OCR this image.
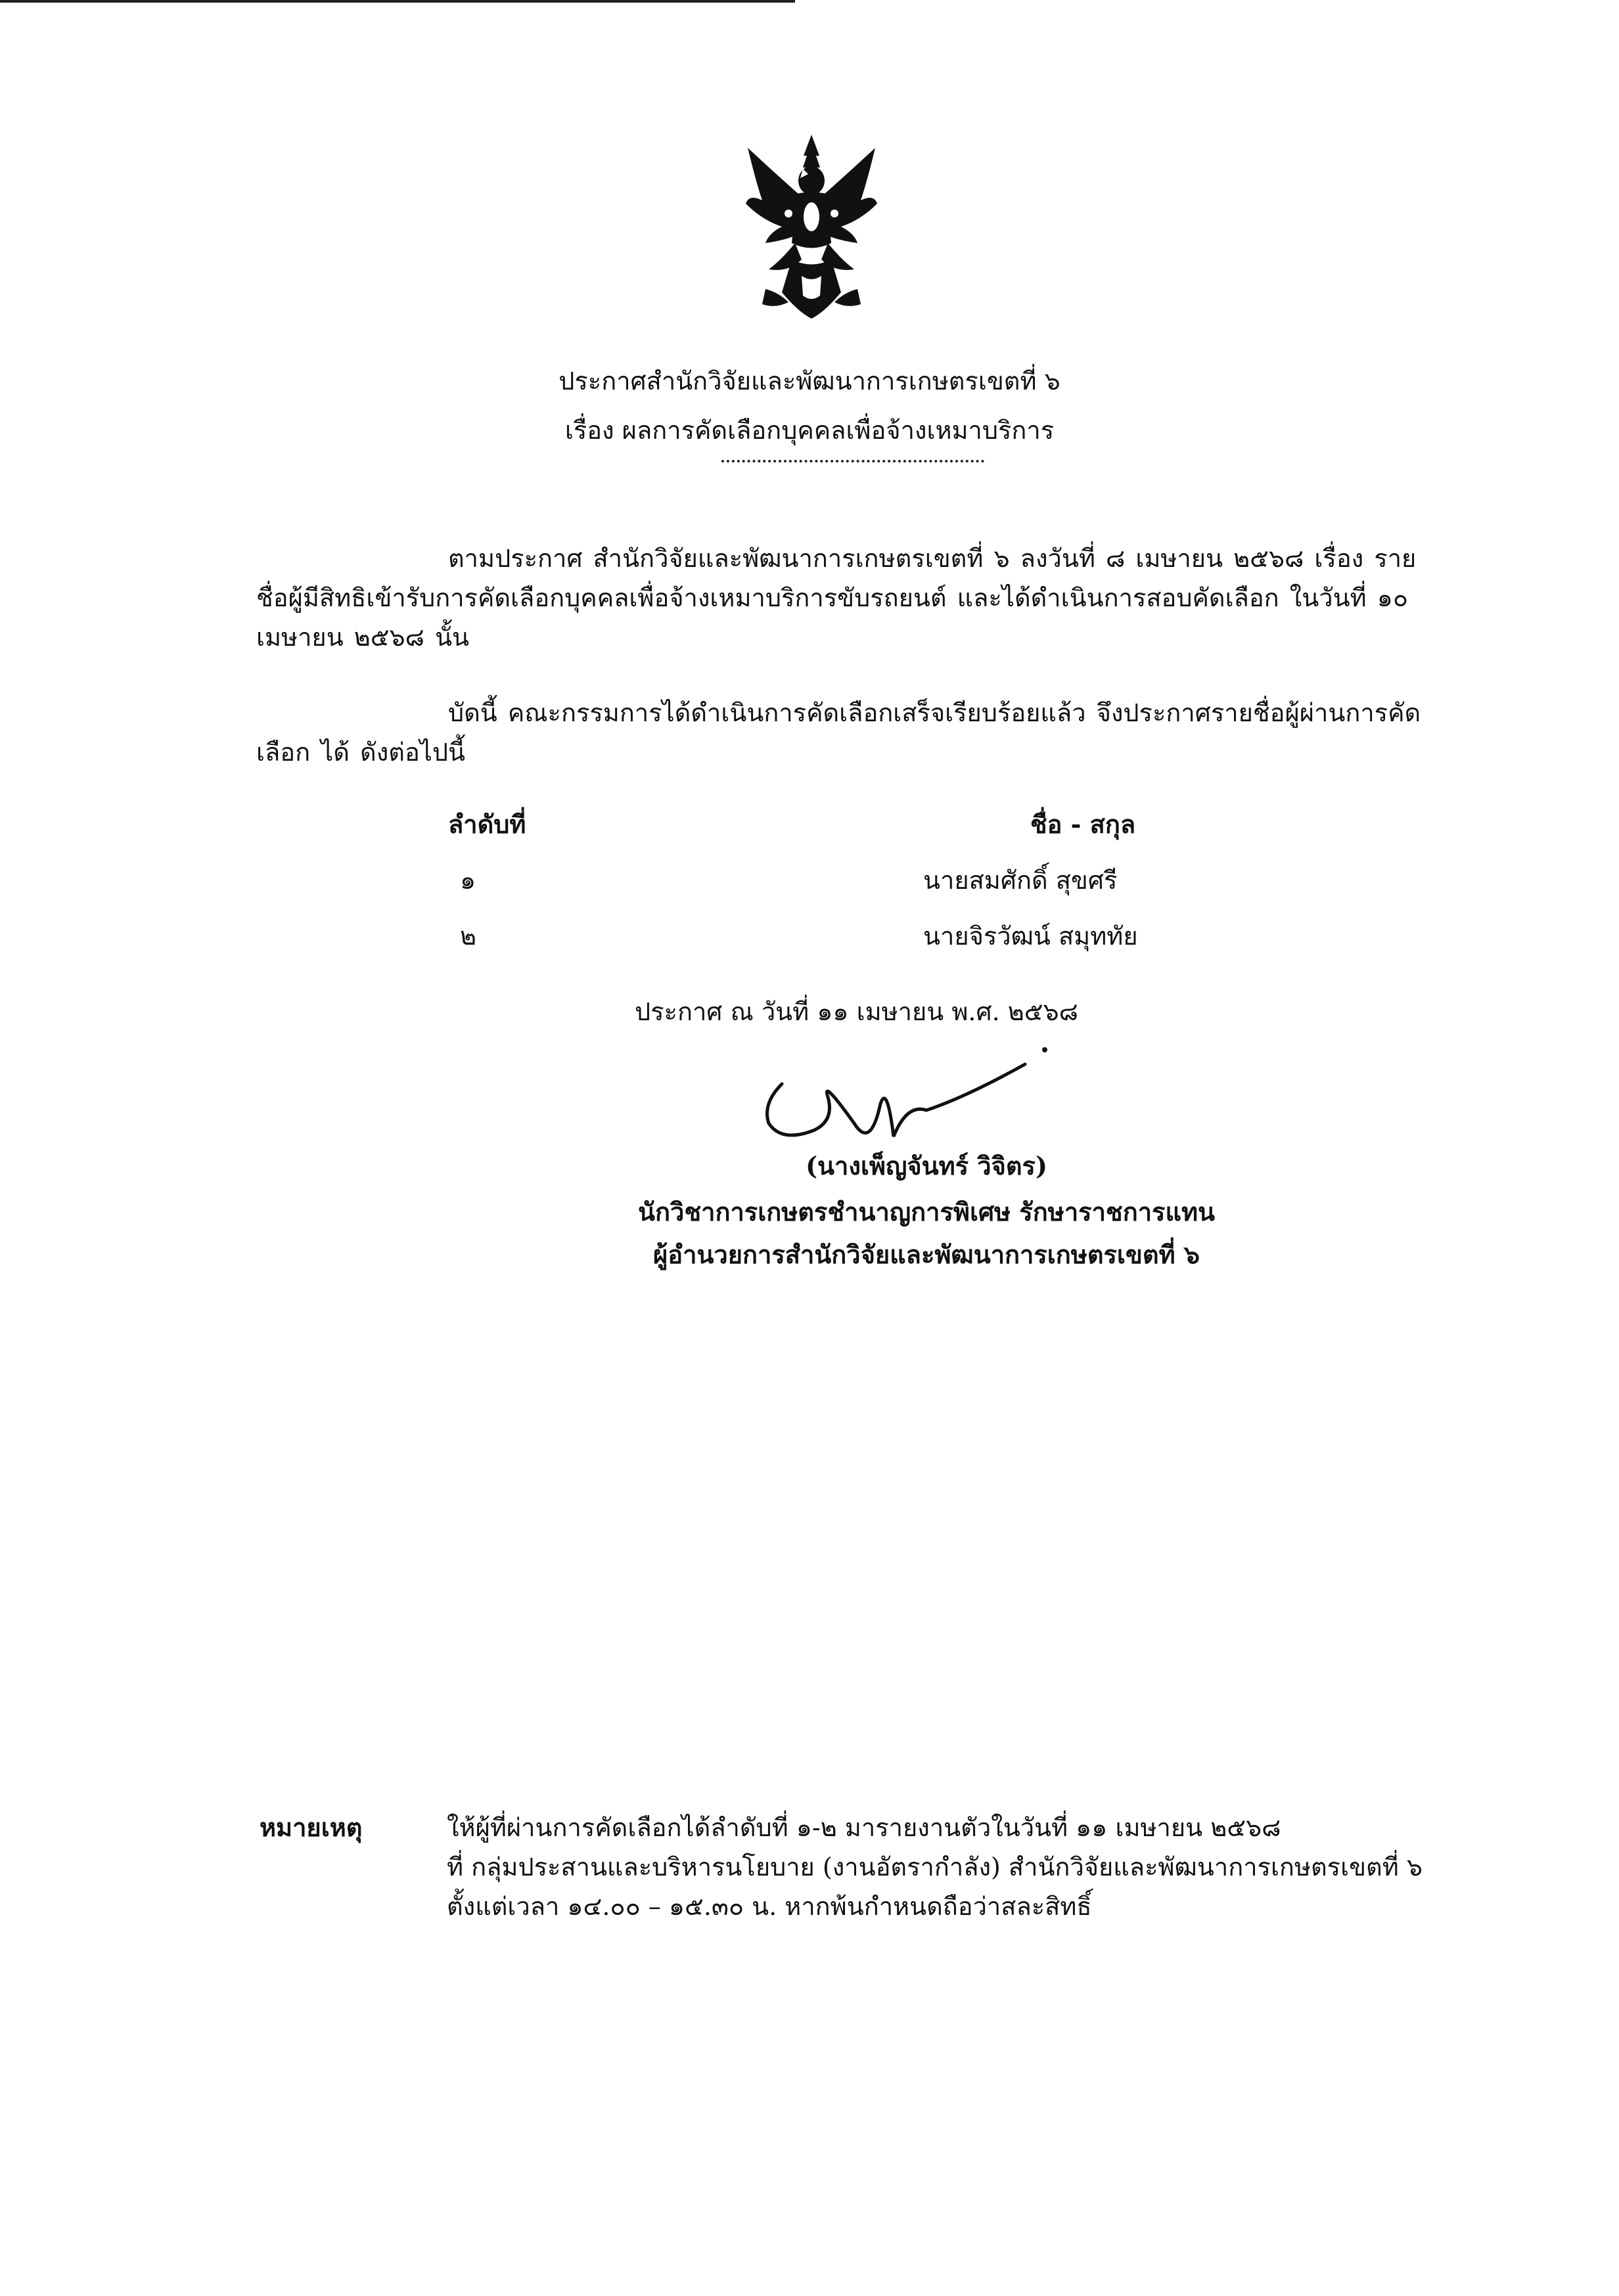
ประกาศสำนักวิจัยและพัฒนาการเกษตรเขตที่ ๖
เรื่อง ผลการคัดเลือกบุคคลเพื่อจ้างเหมาบริการ
ตามประกาศ สำนักวิจัยและพัฒนาการเกษตรเขตที่ ๖ ลงวันที่ ๘ เมษายน ๒๕๖๘ เรื่อง รายชื่อผู้มีสิทธิเข้ารับการคัดเลือกบุคคลเพื่อจ้างเหมาบริการขับรถยนต์ และได้ดำเนินการสอบคัดเลือก ในวันที่ ๑๐ เมษายน ๒๕๖๘ นั้น
บัดนี้ คณะกรรมการได้ดำเนินการคัดเลือกเสร็จเรียบร้อยแล้ว จึงประกาศรายชื่อผู้ผ่านการคัดเลือก ได้ ดังต่อไปนี้
ลำดับที่	ชื่อ - สกุล
๑	นายสมศักดิ์ สุขศรี
๒	นายจิรวัฒน์ สมุททัย
ประกาศ ณ วันที่ ๑๑ เมษายน พ.ศ. ๒๕๖๘
(นางเพ็ญจันทร์ วิจิตร)
นักวิชาการเกษตรชำนาญการพิเศษ รักษาราชการแทน
ผู้อำนวยการสำนักวิจัยและพัฒนาการเกษตรเขตที่ ๖
หมายเหตุ	ให้ผู้ที่ผ่านการคัดเลือกได้ลำดับที่ ๑-๒ มารายงานตัวในวันที่ ๑๑ เมษายน ๒๕๖๘
ที่ กลุ่มประสานและบริหารนโยบาย (งานอัตรากำลัง) สำนักวิจัยและพัฒนาการเกษตรเขตที่ ๖
ตั้งแต่เวลา ๑๔.๐๐ – ๑๕.๓๐ น. หากพ้นกำหนดถือว่าสละสิทธิ์
